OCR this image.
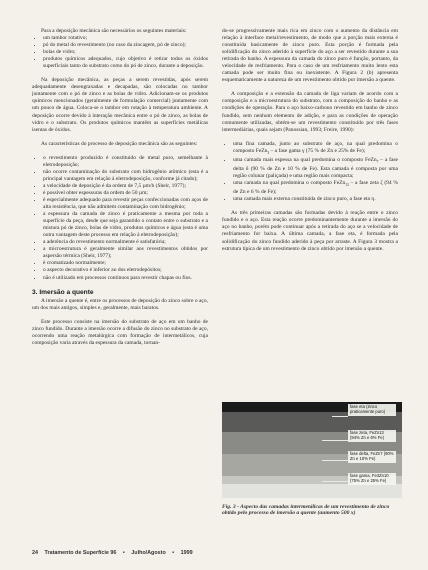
Para a deposição mecânica são necessários os seguintes materiais:

• um tambor rotativo;
• pó do metal do revestimento (no caso da zincagem, pó de zinco);
• bolas de vidro;
• produtos químicos adequados, cujo objetivo é retirar todos os óxidos superficiais tanto do substrato como do pó de zinco, durante a deposição.

Na deposição mecânica, as peças a serem revestidas, após serem adequadamente desengraxadas e decapadas, são colocadas no tambor juntamente com o pó de zinco e as bolas de vidro. Adicionam-se os produtos químicos mencionados (geralmente de formulação comercial) juntamente com um pouco de água. Coloca-se o tambor em rotação à temperatura ambiente. A deposição ocorre devido à interação mecânica entre o pó de zinco, as bolas de vidro e o substrato. Os produtos químicos mantêm as superfícies metálicas isentas de óxidos.

As características do processo de deposição mecânica são as seguintes:

• o revestimento produzido é constituído de metal puro, semelhante à eletrodeposição;
• não ocorre contaminação do substrato com hidrogênio atômico (esta é a principal vantagem em relação à eletrodeposição, conforme já citado);
• a velocidade de deposição é da ordem de 7,5 µm/h (Sheir, 1977);
• é possível obter espessuras da ordem de 50 µm;
• é especialmente adequado para revestir peças confeccionadas com aços de alta resistência, que não admitem contaminação com hidrogênio;
• a espessura da camada de zinco é praticamente a mesma por toda a superfície da peça, desde que seja garantido o contato entre o substrato e a mistura pó de zinco, bolas de vidro, produtos químicos e água (esta é uma outra vantagem deste processo em relação à eletrodeposição);
• a aderência do revestimento normalmente é satisfatória;
• a microestrutura é geralmente similar aos revestimentos obtidos por aspersão térmica (Sheir, 1977);
• é cromatizado normalmente;
• o aspecto decorativo é inferior ao dos eletrodepósitos;
• não é utilizado em processos contínuos para revestir chapas ou fios.
3. Imersão a quente

A imersão a quente é, entre os processos de deposição do zinco sobre o aço, um dos mais antigos, simples e, geralmente, mais baratos.

Este processo consiste na imersão do substrato de aço em um banho de zinco fundido. Durante a imersão ocorre a difusão do zinco no substrato de aço, ocorrendo uma reação metalúrgica com formação de intermetálicos, cuja composição varia através da espessura da camada, tornan-

do-se progressivamente mais rica em zinco com o aumento da distância em relação à interface metal/revestimento, de modo que a porção mais externa é constituída basicamente de zinco puro. Esta porção é formada pela solidificação do zinco aderido à superfície do aço a ser revestido durante a sua retirada do banho. A espessura da camada do zinco puro é função, portanto, da velocidade de resfriamento. Para o caso de um resfriamento muito lento esta camada pode ser muito fina ou inexistente. A Figura 2 (b) apresenta esquematicamente a natureza de um revestimento obtido por imersão a quente.

A composição e a extensão da camada de liga variam de acordo com a composição e a microestrutura do substrato, com a composição do banho e as condições de operação. Para o aço baixo-carbono revestido em banho de zinco fundido, sem nenhum elemento de adição, e para as condições de operação comumente utilizadas, obtém-se um revestimento constituído por três fases intermediárias, quais sejam (Panossian, 1993; Freire, 1990):

• uma fina camada, junto ao substrato de aço, na qual predomina o composto FeZn$_3$ – a fase gama γ (75 % de Zn e 25% de Fe);
• uma camada mais espessa na qual predomina o composto FeZn$_7$ – a fase delta δ (90 % de Zn e 10 % de Fe). Esta camada é composta por uma região colunar (paliçada) e uma região mais compacta;
• uma camada na qual predomina o composto FeZn$_{13}$ – a fase zeta ζ (94 % de Zn e 6 % de Fe);
• uma camada mais externa constituída de zinco puro, a fase eta η.

As três primeiras camadas são formadas devido à reação entre o zinco fundido e o aço. Esta reação ocorre predominantemente durante a imersão do aço no banho, porém pode continuar após a retirada do aço se a velocidade de resfriamento for baixa. A última camada, a fase eta, é formada pela solidificação do zinco fundido aderido à peça por arraste. A Figura 3 mostra a estrutura típica de um revestimento de zinco obtido por imersão a quente.

fase eta (zinco praticamente puro)
fase zeta, FeZn13 (94% Zn e 6% Fe)
fase delta, FeZn7 (90% Zn e 10% Fe)
fase gama, Fe3Zn10 (75% Zn e 25% Fe)
Fig. 3 - Aspecto das camadas intermetálicas de um revestimento de zinco obtido pelo processo de imersão a quente (aumento 500 x)
24 Tratamento de Superfície 96 • Julho/Agosto • 1999
